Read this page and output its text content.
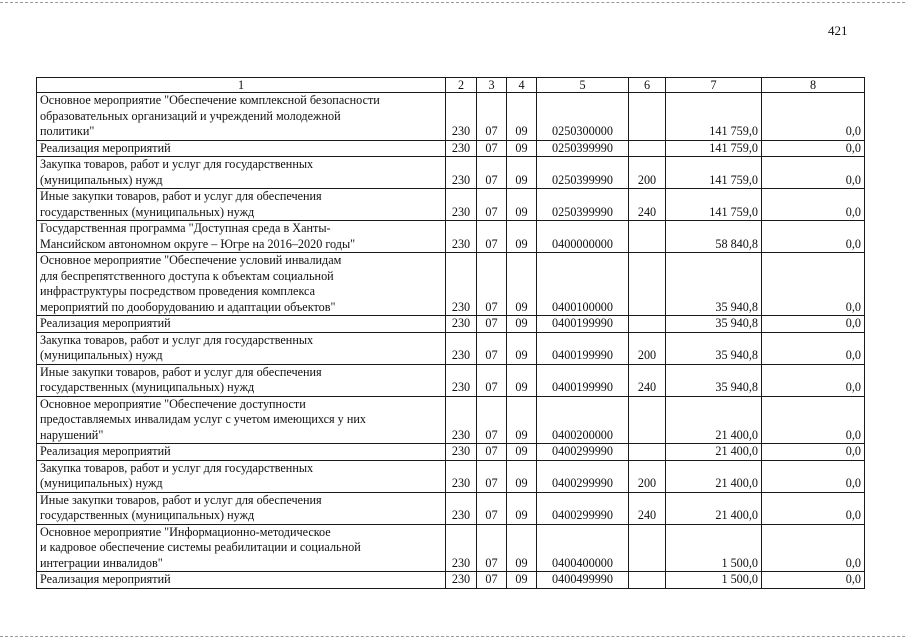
421
1	2	3	4	5	6	7	8

Основное мероприятие "Обеспечение комплексной безопасности
образовательных организаций и учреждений молодежной
политики"	230	07	09	0250300000		141 759,0	0,0

Реализация мероприятий	230	07	09	0250399990		141 759,0	0,0

Закупка товаров, работ и услуг для государственных
(муниципальных) нужд	230	07	09	0250399990	200	141 759,0	0,0

Иные закупки товаров, работ и услуг для обеспечения
государственных (муниципальных) нужд	230	07	09	0250399990	240	141 759,0	0,0

Государственная программа "Доступная среда в Ханты-
Мансийском автономном округе – Югре на 2016–2020 годы"	230	07	09	0400000000		58 840,8	0,0

Основное мероприятие "Обеспечение условий инвалидам
для беспрепятственного доступа к объектам социальной
инфраструктуры посредством проведения комплекса
мероприятий по дооборудованию и адаптации объектов"	230	07	09	0400100000		35 940,8	0,0

Реализация мероприятий	230	07	09	0400199990		35 940,8	0,0

Закупка товаров, работ и услуг для государственных
(муниципальных) нужд	230	07	09	0400199990	200	35 940,8	0,0

Иные закупки товаров, работ и услуг для обеспечения
государственных (муниципальных) нужд	230	07	09	0400199990	240	35 940,8	0,0

Основное мероприятие "Обеспечение доступности
предоставляемых инвалидам услуг с учетом имеющихся у них
нарушений"	230	07	09	0400200000		21 400,0	0,0

Реализация мероприятий	230	07	09	0400299990		21 400,0	0,0

Закупка товаров, работ и услуг для государственных
(муниципальных) нужд	230	07	09	0400299990	200	21 400,0	0,0

Иные закупки товаров, работ и услуг для обеспечения
государственных (муниципальных) нужд	230	07	09	0400299990	240	21 400,0	0,0

Основное мероприятие "Информационно-методическое
и кадровое обеспечение системы реабилитации и социальной
интеграции инвалидов"	230	07	09	0400400000		1 500,0	0,0

Реализация мероприятий	230	07	09	0400499990		1 500,0	0,0
